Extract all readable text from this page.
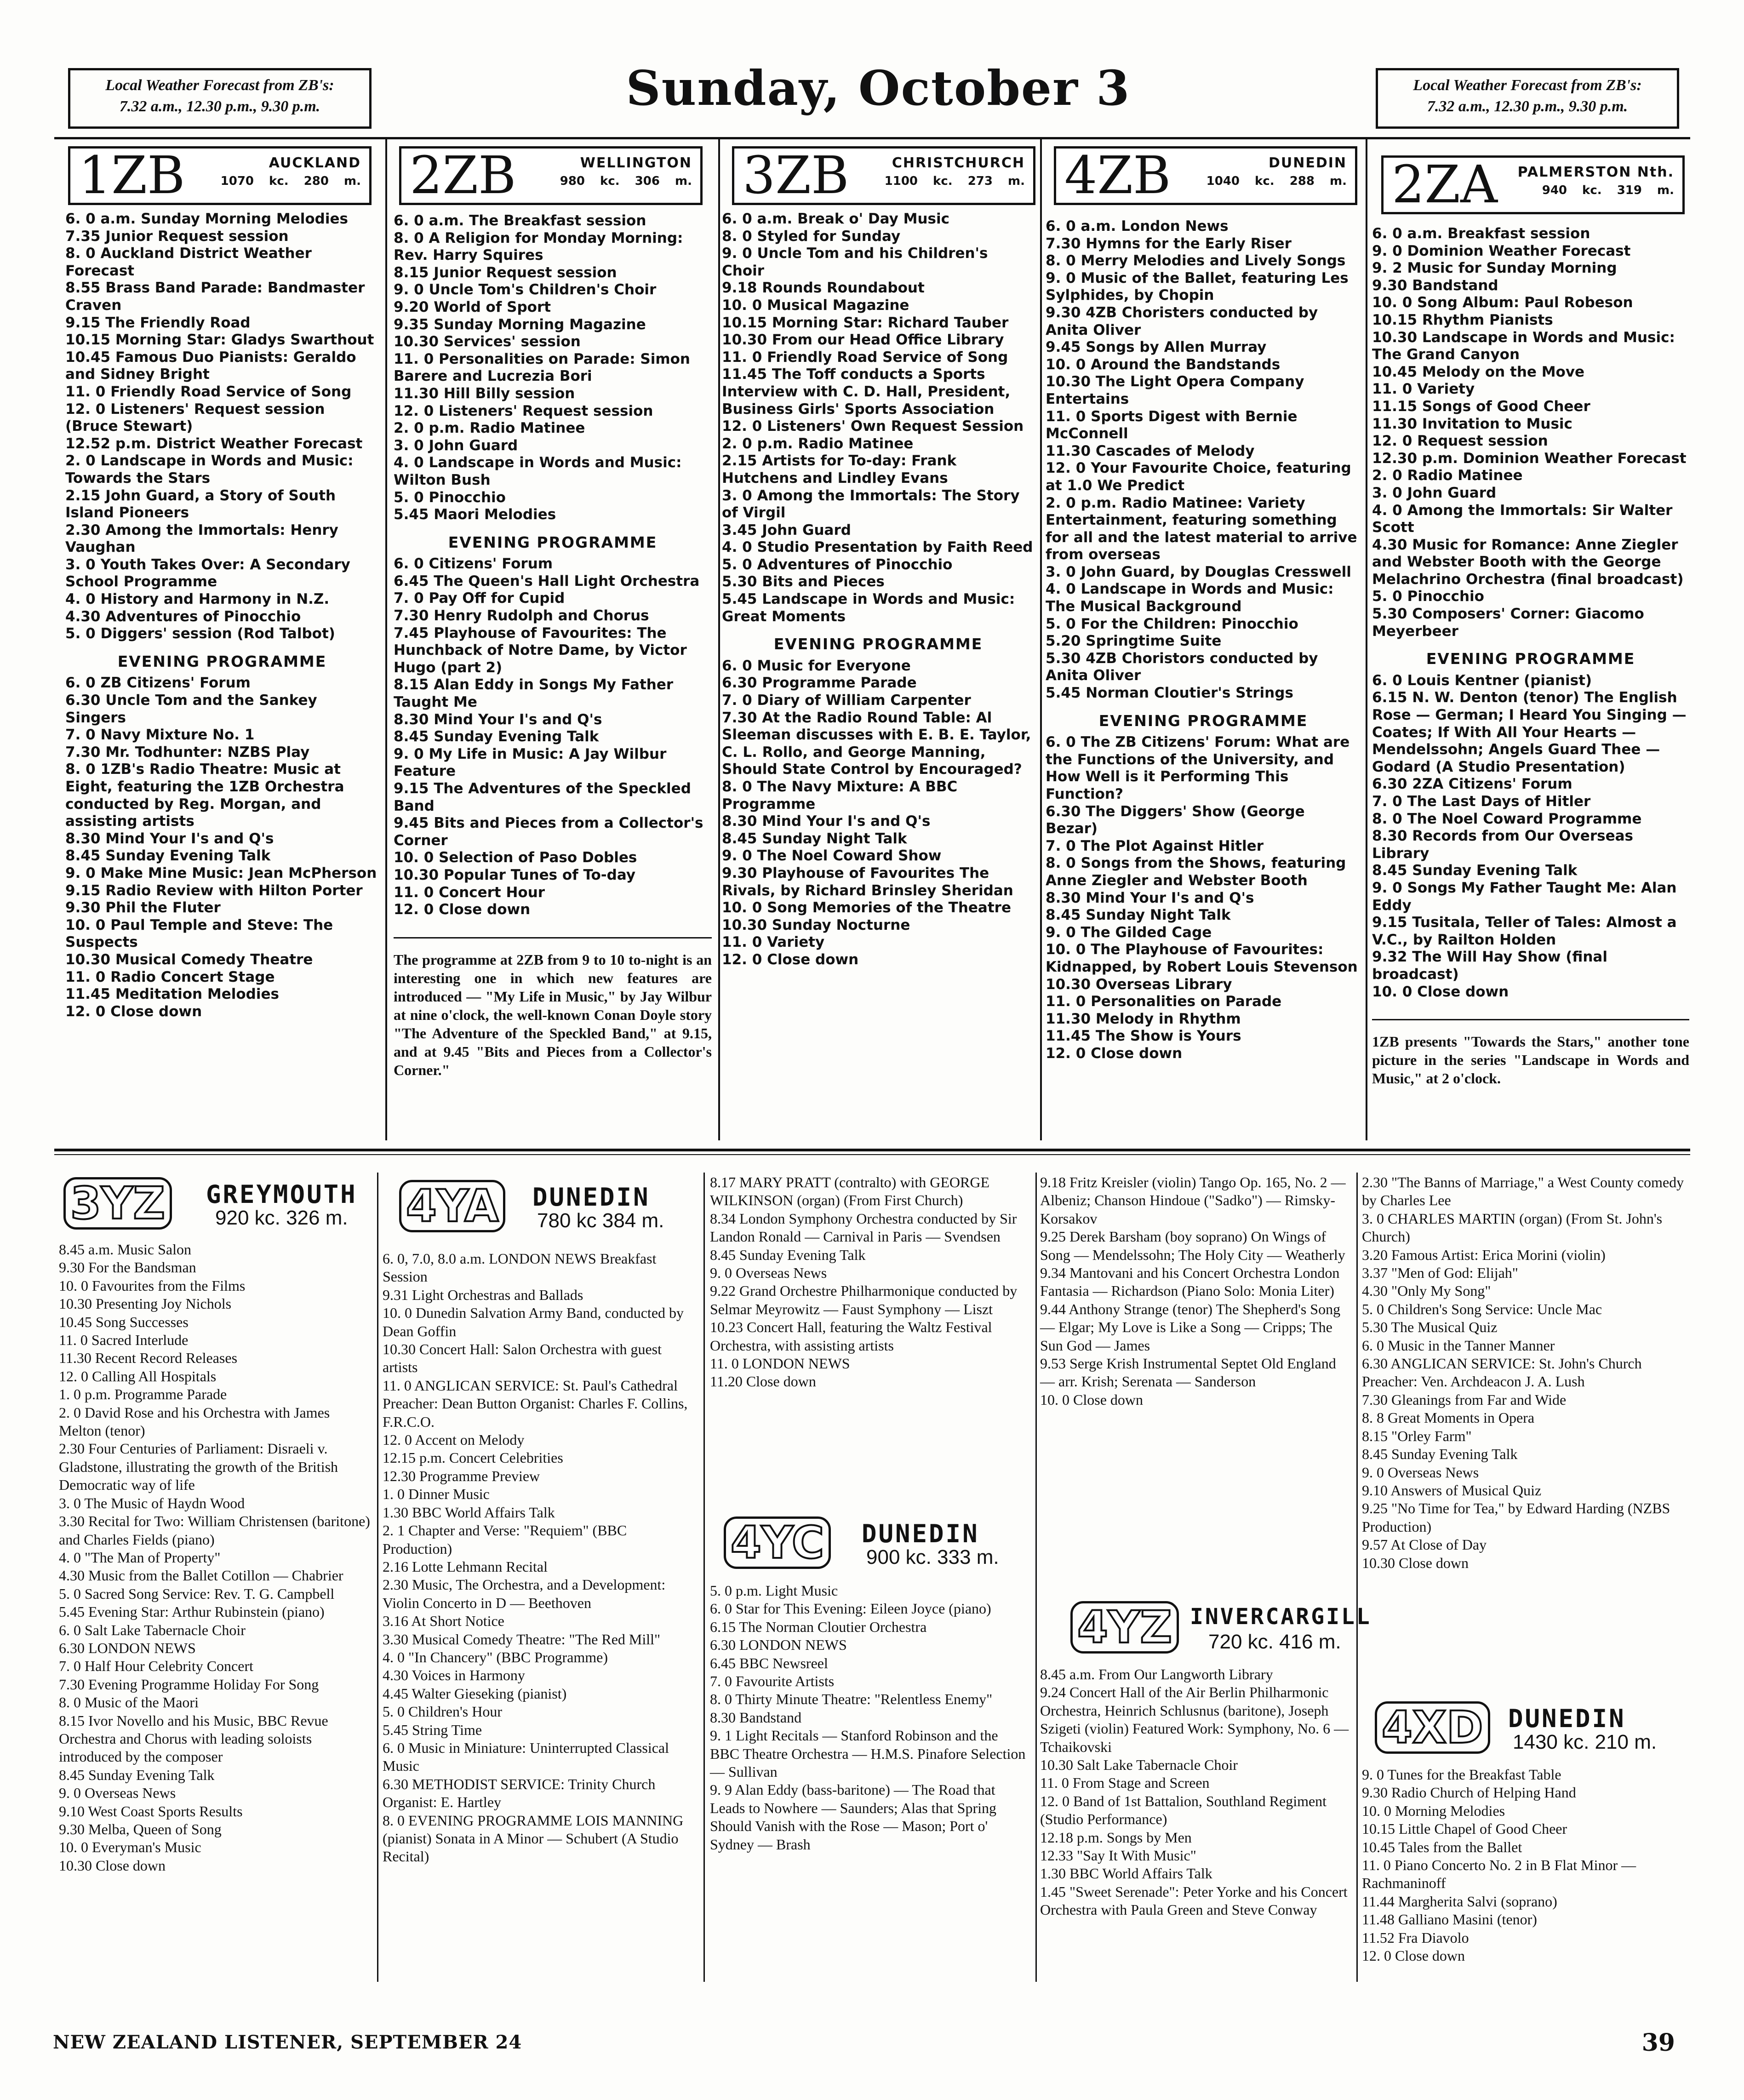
Local Weather Forecast from ZB's:
7.32 a.m., 12.30 p.m., 9.30 p.m.	Sunday, October 3	Local Weather Forecast from ZB's:
7.32 a.m., 12.30 p.m., 9.30 p.m.
1ZB	AUCKLAND
1070 kc. 280 m. 2ZB	WELLINGTON
980 kc. 306 m. 3ZB	CHRISTCHURCH
1100 kc. 273 m. 4ZB	DUNEDIN
1040 kc. 288 m. 2ZA PALMERSTON Nth.
940 kc. 319 m.

6. 0 a.m. Sunday Morning Melodies

7.35 Junior Request session

8. 0 Auckland District Weather Forecast

8.55 Brass Band Parade: Bandmaster Craven

9.15 The Friendly Road

10.15 Morning Star: Gladys Swarthout

10.45 Famous Duo Pianists: Geraldo and Sidney Bright

11. 0 Friendly Road Service of Song

12. 0 Listeners' Request session (Bruce Stewart)

12.52 p.m. District Weather Forecast

2. 0 Landscape in Words and Music: Towards the Stars

2.15 John Guard, a Story of South Island Pioneers

2.30 Among the Immortals: Henry Vaughan

3. 0 Youth Takes Over: A Secondary School Programme

4. 0 History and Harmony in N.Z.

4.30 Adventures of Pinocchio

5. 0 Diggers' session (Rod Talbot)

EVENING PROGRAMME

6. 0 ZB Citizens' Forum

6.30 Uncle Tom and the Sankey Singers

7. 0 Navy Mixture No. 1

7.30 Mr. Todhunter: NZBS Play

8. 0 1ZB's Radio Theatre: Music at Eight, featuring the 1ZB Orchestra conducted by Reg. Morgan, and assisting artists

8.30 Mind Your I's and Q's

8.45 Sunday Evening Talk

9. 0 Make Mine Music: Jean McPherson

9.15 Radio Review with Hilton Porter

9.30 Phil the Fluter

10. 0 Paul Temple and Steve: The Suspects

10.30 Musical Comedy Theatre

11. 0 Radio Concert Stage

11.45 Meditation Melodies

12. 0 Close down

6. 0 a.m. The Breakfast session

8. 0 A Religion for Monday Morning: Rev. Harry Squires

8.15 Junior Request session

9. 0 Uncle Tom's Children's Choir

9.20 World of Sport

9.35 Sunday Morning Magazine

10.30 Services' session

11. 0 Personalities on Parade: Simon Barere and Lucrezia Bori

11.30 Hill Billy session

12. 0 Listeners' Request session

2. 0 p.m. Radio Matinee

3. 0 John Guard

4. 0 Landscape in Words and Music: Wilton Bush

5. 0 Pinocchio

5.45 Maori Melodies

EVENING PROGRAMME

6. 0 Citizens' Forum

6.45 The Queen's Hall Light Orchestra

7. 0 Pay Off for Cupid

7.30 Henry Rudolph and Chorus

7.45 Playhouse of Favourites: The Hunchback of Notre Dame, by Victor Hugo (part 2)

8.15 Alan Eddy in Songs My Father Taught Me

8.30 Mind Your I's and Q's

8.45 Sunday Evening Talk

9. 0 My Life in Music: A Jay Wilbur Feature

9.15 The Adventures of the Speckled Band

9.45 Bits and Pieces from a Collector's Corner

10. 0 Selection of Paso Dobles

10.30 Popular Tunes of To-day

11. 0 Concert Hour

12. 0 Close down

The programme at 2ZB from 9 to 10 to-night is an interesting one in which new features are introduced — "My Life in Music," by Jay Wilbur at nine o'clock, the well-known Conan Doyle story "The Adventure of the Speckled Band," at 9.15, and at 9.45 "Bits and Pieces from a Collector's Corner."

6. 0 a.m. Break o' Day Music

8. 0 Styled for Sunday

9. 0 Uncle Tom and his Children's Choir

9.18 Rounds Roundabout

10. 0 Musical Magazine

10.15 Morning Star: Richard Tauber

10.30 From our Head Office Library

11. 0 Friendly Road Service of Song

11.45 The Toff conducts a Sports Interview with C. D. Hall, President, Business Girls' Sports Association

12. 0 Listeners' Own Request Session

2. 0 p.m. Radio Matinee

2.15 Artists for To-day: Frank Hutchens and Lindley Evans

3. 0 Among the Immortals: The Story of Virgil

3.45 John Guard

4. 0 Studio Presentation by Faith Reed

5. 0 Adventures of Pinocchio

5.30 Bits and Pieces

5.45 Landscape in Words and Music: Great Moments

EVENING PROGRAMME

6. 0 Music for Everyone

6.30 Programme Parade

7. 0 Diary of William Carpenter

7.30 At the Radio Round Table: Al Sleeman discusses with E. B. E. Taylor, C. L. Rollo, and George Manning, Should State Control by Encouraged?

8. 0 The Navy Mixture: A BBC Programme

8.30 Mind Your I's and Q's

8.45 Sunday Night Talk

9. 0 The Noel Coward Show

9.30 Playhouse of Favourites The Rivals, by Richard Brinsley Sheridan

10. 0 Song Memories of the Theatre

10.30 Sunday Nocturne

11. 0 Variety

12. 0 Close down

6. 0 a.m. London News

7.30 Hymns for the Early Riser

8. 0 Merry Melodies and Lively Songs

9. 0 Music of the Ballet, featuring Les Sylphides, by Chopin

9.30 4ZB Choristers conducted by Anita Oliver

9.45 Songs by Allen Murray

10. 0 Around the Bandstands

10.30 The Light Opera Company Entertains

11. 0 Sports Digest with Bernie McConnell

11.30 Cascades of Melody

12. 0 Your Favourite Choice, featuring at 1.0 We Predict

2. 0 p.m. Radio Matinee: Variety Entertainment, featuring something for all and the latest material to arrive from overseas

3. 0 John Guard, by Douglas Cresswell

4. 0 Landscape in Words and Music: The Musical Background

5. 0 For the Children: Pinocchio

5.20 Springtime Suite

5.30 4ZB Choristors conducted by Anita Oliver

5.45 Norman Cloutier's Strings

EVENING PROGRAMME

6. 0 The ZB Citizens' Forum: What are the Functions of the University, and How Well is it Performing This Function?

6.30 The Diggers' Show (George Bezar)

7. 0 The Plot Against Hitler

8. 0 Songs from the Shows, featuring Anne Ziegler and Webster Booth

8.30 Mind Your I's and Q's

8.45 Sunday Night Talk

9. 0 The Gilded Cage

10. 0 The Playhouse of Favourites: Kidnapped, by Robert Louis Stevenson

10.30 Overseas Library

11. 0 Personalities on Parade

11.30 Melody in Rhythm

11.45 The Show is Yours

12. 0 Close down

6. 0 a.m. Breakfast session

9. 0 Dominion Weather Forecast

9. 2 Music for Sunday Morning

9.30 Bandstand

10. 0 Song Album: Paul Robeson

10.15 Rhythm Pianists

10.30 Landscape in Words and Music: The Grand Canyon

10.45 Melody on the Move

11. 0 Variety

11.15 Songs of Good Cheer

11.30 Invitation to Music

12. 0 Request session

12.30 p.m. Dominion Weather Forecast

2. 0 Radio Matinee

3. 0 John Guard

4. 0 Among the Immortals: Sir Walter Scott

4.30 Music for Romance: Anne Ziegler and Webster Booth with the George Melachrino Orchestra (final broadcast)

5. 0 Pinocchio

5.30 Composers' Corner: Giacomo Meyerbeer

EVENING PROGRAMME

6. 0 Louis Kentner (pianist)

6.15 N. W. Denton (tenor) The English Rose — German; I Heard You Singing — Coates; If With All Your Hearts — Mendelssohn; Angels Guard Thee — Godard (A Studio Presentation)

6.30 2ZA Citizens' Forum

7. 0 The Last Days of Hitler

8. 0 The Noel Coward Programme

8.30 Records from Our Overseas Library

8.45 Sunday Evening Talk

9. 0 Songs My Father Taught Me: Alan Eddy

9.15 Tusitala, Teller of Tales: Almost a V.C., by Railton Holden

9.32 The Will Hay Show (final broadcast)

10. 0 Close down

1ZB presents "Towards the Stars," another tone picture in the series "Landscape in Words and Music," at 2 o'clock.
3YZ GREYMOUTH
920 kc. 326 m. 4YA DUNEDIN
780 kc 384 m.

8.45 a.m. Music Salon

9.30 For the Bandsman

10. 0 Favourites from the Films

10.30 Presenting Joy Nichols

10.45 Song Successes

11. 0 Sacred Interlude

11.30 Recent Record Releases

12. 0 Calling All Hospitals

1. 0 p.m. Programme Parade

2. 0 David Rose and his Orchestra with James Melton (tenor)

2.30 Four Centuries of Parliament: Disraeli v. Gladstone, illustrating the growth of the British Democratic way of life

3. 0 The Music of Haydn Wood

3.30 Recital for Two: William Christensen (baritone) and Charles Fields (piano)

4. 0 "The Man of Property"

4.30 Music from the Ballet Cotillon — Chabrier

5. 0 Sacred Song Service: Rev. T. G. Campbell

5.45 Evening Star: Arthur Rubinstein (piano)

6. 0 Salt Lake Tabernacle Choir

6.30 LONDON NEWS

7. 0 Half Hour Celebrity Concert

7.30 Evening Programme Holiday For Song

8. 0 Music of the Maori

8.15 Ivor Novello and his Music, BBC Revue Orchestra and Chorus with leading soloists introduced by the composer

8.45 Sunday Evening Talk

9. 0 Overseas News

9.10 West Coast Sports Results

9.30 Melba, Queen of Song

10. 0 Everyman's Music

10.30 Close down

6. 0, 7.0, 8.0 a.m. LONDON NEWS Breakfast Session

9.31 Light Orchestras and Ballads

10. 0 Dunedin Salvation Army Band, conducted by Dean Goffin

10.30 Concert Hall: Salon Orchestra with guest artists

11. 0 ANGLICAN SERVICE: St. Paul's Cathedral Preacher: Dean Button Organist: Charles F. Collins, F.R.C.O.

12. 0 Accent on Melody

12.15 p.m. Concert Celebrities

12.30 Programme Preview

1. 0 Dinner Music

1.30 BBC World Affairs Talk

2. 1 Chapter and Verse: "Requiem" (BBC Production)

2.16 Lotte Lehmann Recital

2.30 Music, The Orchestra, and a Development: Violin Concerto in D — Beethoven

3.16 At Short Notice

3.30 Musical Comedy Theatre: "The Red Mill"

4. 0 "In Chancery" (BBC Programme)

4.30 Voices in Harmony

4.45 Walter Gieseking (pianist)

5. 0 Children's Hour

5.45 String Time

6. 0 Music in Miniature: Uninterrupted Classical Music

6.30 METHODIST SERVICE: Trinity Church Organist: E. Hartley

8. 0 EVENING PROGRAMME LOIS MANNING (pianist) Sonata in A Minor — Schubert (A Studio Recital)

8.17 MARY PRATT (contralto) with GEORGE WILKINSON (organ) (From First Church)

8.34 London Symphony Orchestra conducted by Sir Landon Ronald — Carnival in Paris — Svendsen

8.45 Sunday Evening Talk

9. 0 Overseas News

9.22 Grand Orchestre Philharmonique conducted by Selmar Meyrowitz — Faust Symphony — Liszt

10.23 Concert Hall, featuring the Waltz Festival Orchestra, with assisting artists

11. 0 LONDON NEWS

11.20 Close down

4YC DUNEDIN
900 kc. 333 m.

5. 0 p.m. Light Music

6. 0 Star for This Evening: Eileen Joyce (piano)

6.15 The Norman Cloutier Orchestra

6.30 LONDON NEWS

6.45 BBC Newsreel

7. 0 Favourite Artists

8. 0 Thirty Minute Theatre: "Relentless Enemy"

8.30 Bandstand

9. 1 Light Recitals — Stanford Robinson and the BBC Theatre Orchestra — H.M.S. Pinafore Selection — Sullivan

9. 9 Alan Eddy (bass-baritone) — The Road that Leads to Nowhere — Saunders; Alas that Spring Should Vanish with the Rose — Mason; Port o' Sydney — Brash

9.18 Fritz Kreisler (violin) Tango Op. 165, No. 2 — Albeniz; Chanson Hindoue ("Sadko") — Rimsky-Korsakov

9.25 Derek Barsham (boy soprano) On Wings of Song — Mendelssohn; The Holy City — Weatherly

9.34 Mantovani and his Concert Orchestra London Fantasia — Richardson (Piano Solo: Monia Liter)

9.44 Anthony Strange (tenor) The Shepherd's Song — Elgar; My Love is Like a Song — Cripps; The Sun God — James

9.53 Serge Krish Instrumental Septet Old England — arr. Krish; Serenata — Sanderson

10. 0 Close down

4YZ INVERCARGILL
720 kc. 416 m.

8.45 a.m. From Our Langworth Library

9.24 Concert Hall of the Air Berlin Philharmonic Orchestra, Heinrich Schlusnus (baritone), Joseph Szigeti (violin) Featured Work: Symphony, No. 6 — Tchaikovski

10.30 Salt Lake Tabernacle Choir

11. 0 From Stage and Screen

12. 0 Band of 1st Battalion, Southland Regiment (Studio Performance)

12.18 p.m. Songs by Men

12.33 "Say It With Music"

1.30 BBC World Affairs Talk

1.45 "Sweet Serenade": Peter Yorke and his Concert Orchestra with Paula Green and Steve Conway

2.30 "The Banns of Marriage," a West County comedy by Charles Lee

3. 0 CHARLES MARTIN (organ) (From St. John's Church)

3.20 Famous Artist: Erica Morini (violin)

3.37 "Men of God: Elijah"

4.30 "Only My Song"

5. 0 Children's Song Service: Uncle Mac

5.30 The Musical Quiz

6. 0 Music in the Tanner Manner

6.30 ANGLICAN SERVICE: St. John's Church Preacher: Ven. Archdeacon J. A. Lush

7.30 Gleanings from Far and Wide

8. 8 Great Moments in Opera

8.15 "Orley Farm"

8.45 Sunday Evening Talk

9. 0 Overseas News

9.10 Answers of Musical Quiz

9.25 "No Time for Tea," by Edward Harding (NZBS Production)

9.57 At Close of Day

10.30 Close down

4XD DUNEDIN
1430 kc. 210 m.

9. 0 Tunes for the Breakfast Table

9.30 Radio Church of Helping Hand

10. 0 Morning Melodies

10.15 Little Chapel of Good Cheer

10.45 Tales from the Ballet

11. 0 Piano Concerto No. 2 in B Flat Minor — Rachmaninoff

11.44 Margherita Salvi (soprano)

11.48 Galliano Masini (tenor)

11.52 Fra Diavolo

12. 0 Close down

NEW ZEALAND LISTENER, SEPTEMBER 24	39
